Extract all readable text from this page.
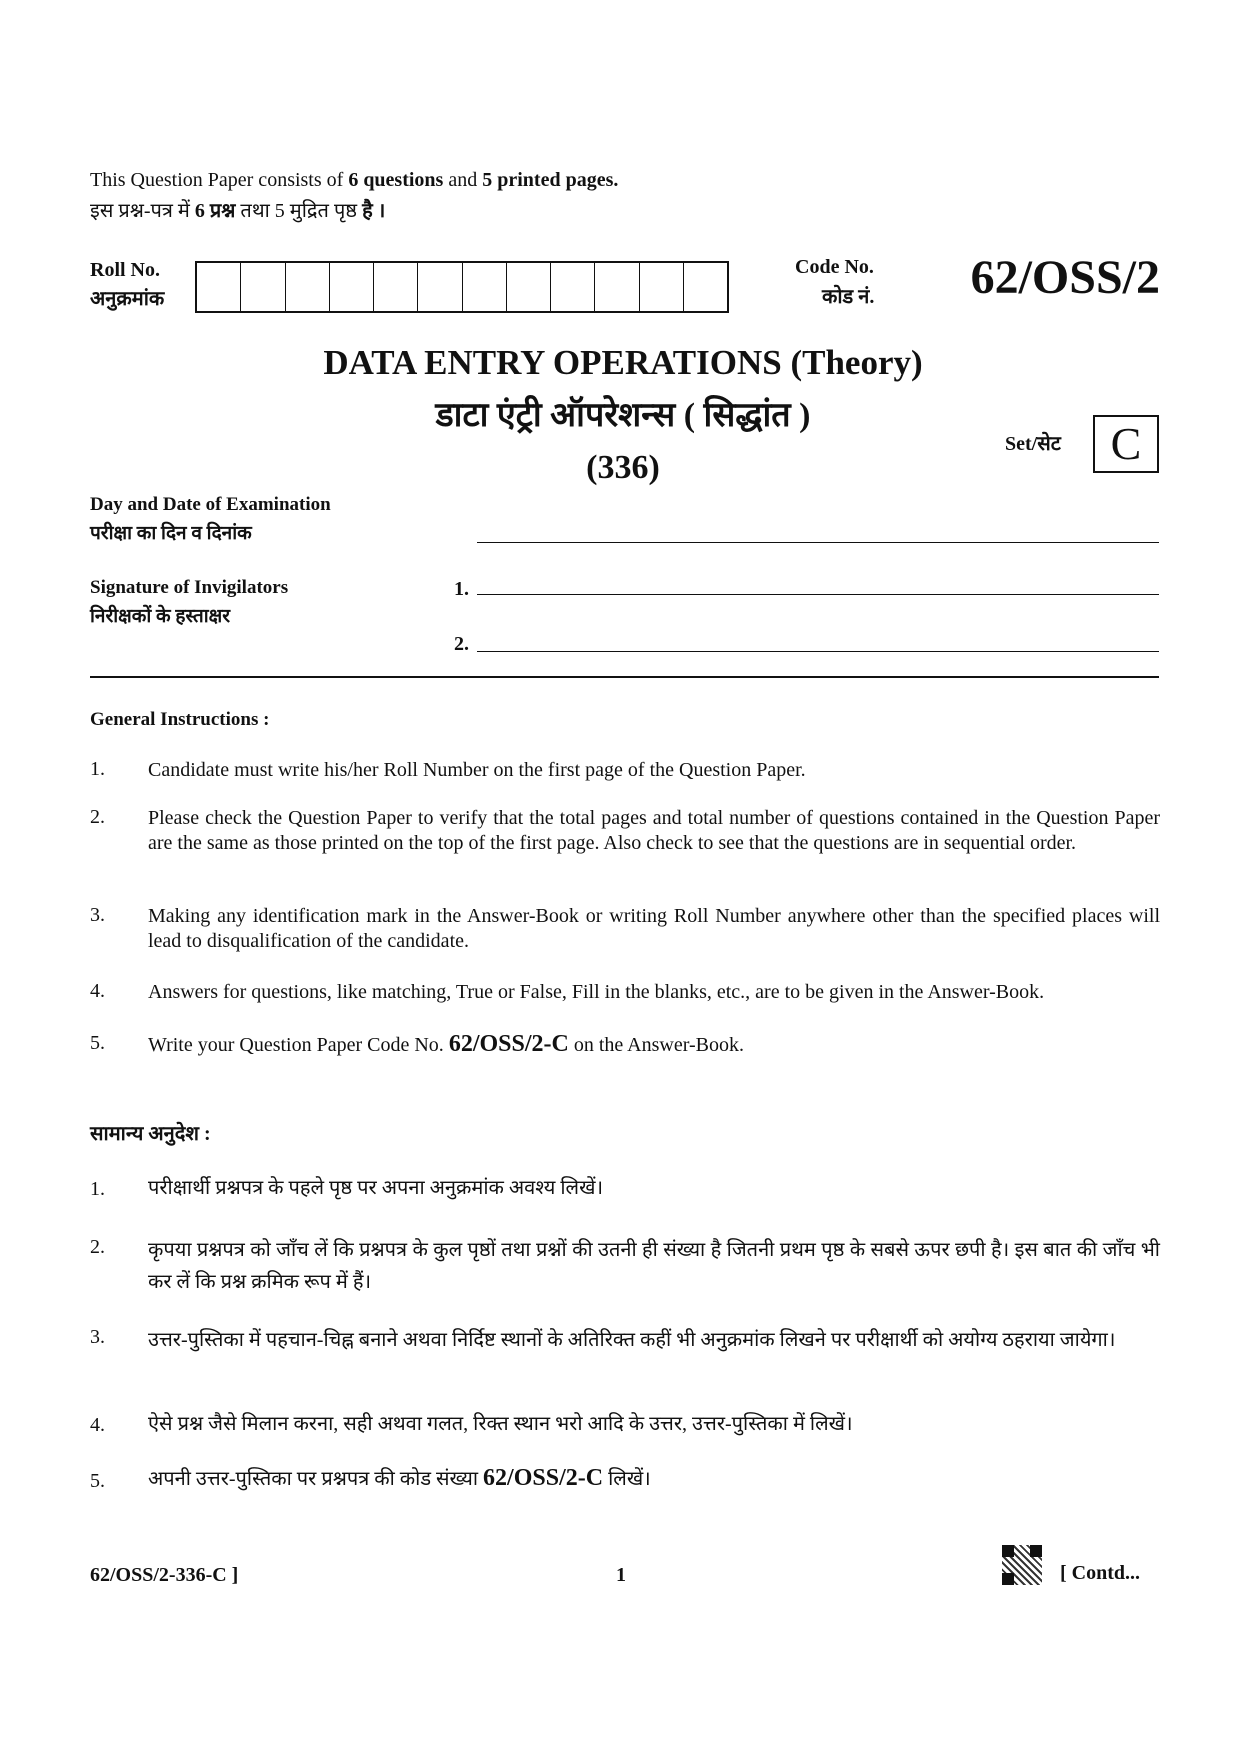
This Question Paper consists of 6 questions and 5 printed pages.
इस प्रश्न-पत्र में 6 प्रश्न तथा 5 मुद्रित पृष्ठ है ।
Roll No.
अनुक्रमांक
Code No.
कोड नं. 62/OSS/2
DATA ENTRY OPERATIONS (Theory)
डाटा एंट्री ऑपरेशन्स ( सिद्धांत )
(336)
Set/सेट	C
Day and Date of Examination
परीक्षा का दिन व दिनांक
Signature of Invigilators
निरीक्षकों के हस्ताक्षर
1.
2.
General Instructions :
1. Candidate must write his/her Roll Number on the first page of the Question Paper.
2. Please check the Question Paper to verify that the total pages and total number of questions contained in the Question Paper are the same as those printed on the top of the first page. Also check to see that the questions are in sequential order.
3. Making any identification mark in the Answer-Book or writing Roll Number anywhere other than the specified places will lead to disqualification of the candidate.
4. Answers for questions, like matching, True or False, Fill in the blanks, etc., are to be given in the Answer-Book.
5. Write your Question Paper Code No. 62/OSS/2-C on the Answer-Book.
सामान्य अनुदेश :
1. परीक्षार्थी प्रश्नपत्र के पहले पृष्ठ पर अपना अनुक्रमांक अवश्य लिखें।
2. कृपया प्रश्नपत्र को जाँच लें कि प्रश्नपत्र के कुल पृष्ठों तथा प्रश्नों की उतनी ही संख्या है जितनी प्रथम पृष्ठ के सबसे ऊपर छपी है। इस बात की जाँच भी कर लें कि प्रश्न क्रमिक रूप में हैं।
3. उत्तर-पुस्तिका में पहचान-चिह्न बनाने अथवा निर्दिष्ट स्थानों के अतिरिक्त कहीं भी अनुक्रमांक लिखने पर परीक्षार्थी को अयोग्य ठहराया जायेगा।
4. ऐसे प्रश्न जैसे मिलान करना, सही अथवा गलत, रिक्त स्थान भरो आदि के उत्तर, उत्तर-पुस्तिका में लिखें।
5. अपनी उत्तर-पुस्तिका पर प्रश्नपत्र की कोड संख्या 62/OSS/2-C लिखें।
62/OSS/2-336-C ]	1	[ Contd...
